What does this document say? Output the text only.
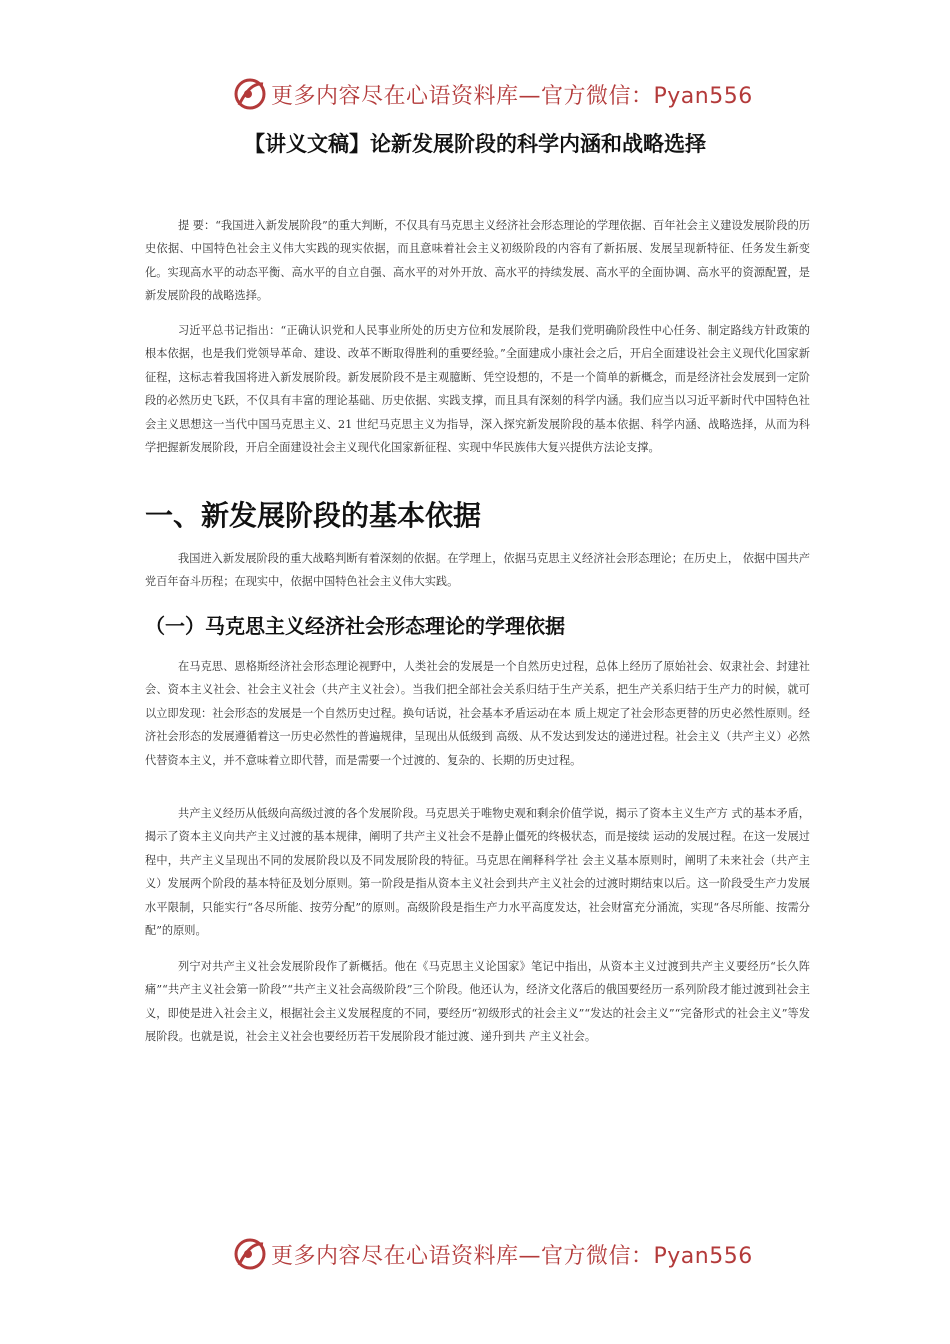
更多内容尽在心语资料库—官方微信：Pyan556
【讲义文稿】论新发展阶段的科学内涵和战略选择

提 要：“我国进入新发展阶段”的重大判断，不仅具有马克思主义经济社会形态理论的学理依据、百年社会主义建设发展阶段的历史依据、中国特色社会主义伟大实践的现实依据，而且意味着社会主义初级阶段的内容有了新拓展、发展呈现新特征、任务发生新变化。实现高水平的动态平衡、高水平的自立自强、高水平的对外开放、高水平的持续发展、高水平的全面协调、高水平的资源配置，是新发展阶段的战略选择。

习近平总书记指出：“正确认识党和人民事业所处的历史方位和发展阶段，是我们党明确阶段性中心任务、制定路线方针政策的根本依据，也是我们党领导革命、建设、改革不断取得胜利的重要经验。”全面建成小康社会之后，开启全面建设社会主义现代化国家新征程，这标志着我国将进入新发展阶段。新发展阶段不是主观臆断、凭空设想的，不是一个简单的新概念，而是经济社会发展到一定阶段的必然历史飞跃，不仅具有丰富的理论基础、历史依据、实践支撑，而且具有深刻的科学内涵。我们应当以习近平新时代中国特色社会主义思想这一当代中国马克思主义、21 世纪马克思主义为指导，深入探究新发展阶段的基本依据、科学内涵、战略选择，从而为科学把握新发展阶段，开启全面建设社会主义现代化国家新征程、实现中华民族伟大复兴提供方法论支撑。

一、新发展阶段的基本依据

我国进入新发展阶段的重大战略判断有着深刻的依据。在学理上，依据马克思主义经济社会形态理论；在历史上， 依据中国共产党百年奋斗历程；在现实中，依据中国特色社会主义伟大实践。

（一）马克思主义经济社会形态理论的学理依据

在马克思、恩格斯经济社会形态理论视野中，人类社会的发展是一个自然历史过程，总体上经历了原始社会、奴隶社会、封建社会、资本主义社会、社会主义社会（共产主义社会）。当我们把全部社会关系归结于生产关系，把生产关系归结于生产力的时候，就可以立即发现：社会形态的发展是一个自然历史过程。换句话说，社会基本矛盾运动在本 质上规定了社会形态更替的历史必然性原则。经济社会形态的发展遵循着这一历史必然性的普遍规律，呈现出从低级到 高级、从不发达到发达的递进过程。社会主义（共产主义）必然代替资本主义，并不意味着立即代替，而是需要一个过渡的、复杂的、长期的历史过程。

共产主义经历从低级向高级过渡的各个发展阶段。马克思关于唯物史观和剩余价值学说，揭示了资本主义生产方 式的基本矛盾，揭示了资本主义向共产主义过渡的基本规律，阐明了共产主义社会不是静止僵死的终极状态，而是接续 运动的发展过程。在这一发展过程中，共产主义呈现出不同的发展阶段以及不同发展阶段的特征。马克思在阐释科学社 会主义基本原则时，阐明了未来社会（共产主义）发展两个阶段的基本特征及划分原则。第一阶段是指从资本主义社会到共产主义社会的过渡时期结束以后。这一阶段受生产力发展水平限制，只能实行“各尽所能、按劳分配”的原则。高级阶段是指生产力水平高度发达，社会财富充分涌流，实现“各尽所能、按需分配”的原则。

列宁对共产主义社会发展阶段作了新概括。他在《马克思主义论国家》笔记中指出，从资本主义过渡到共产主义要经历“长久阵痛”“共产主义社会第一阶段”“共产主义社会高级阶段”三个阶段。他还认为，经济文化落后的俄国要经历一系列阶段才能过渡到社会主义，即使是进入社会主义，根据社会主义发展程度的不同，要经历“初级形式的社会主义”“发达的社会主义”“完备形式的社会主义”等发展阶段。也就是说，社会主义社会也要经历若干发展阶段才能过渡、递升到共 产主义社会。

更多内容尽在心语资料库—官方微信：Pyan556
